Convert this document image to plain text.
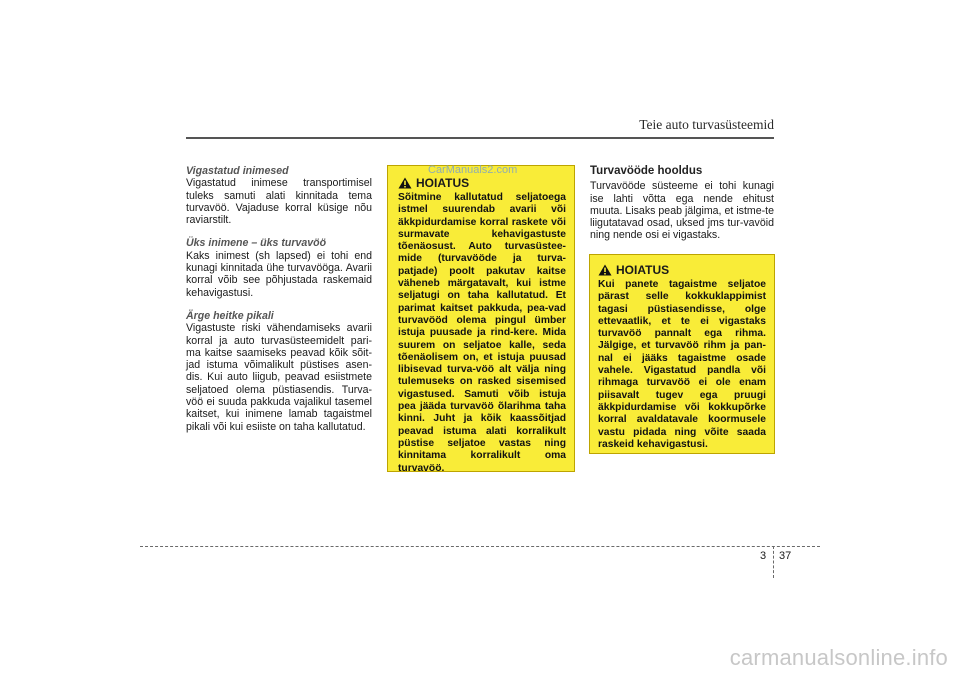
Teie auto turvasüsteemid

Vigastatud inimesed

Vigastatud inimese transportimisel tuleks samuti alati kinnitada tema turvavöö. Vajaduse korral küsige nõu raviarstilt.

Üks inimene – üks turvavöö

Kaks inimest (sh lapsed) ei tohi end kunagi kinnitada ühe turvavööga. Avarii korral võib see põhjustada raskemaid kehavigastusi.

Ärge heitke pikali

Vigastuste riski vähendamiseks avarii korral ja auto turvasüsteemidelt pari-ma kaitse saamiseks peavad kõik sõit-jad istuma võimalikult püstises asen-dis. Kui auto liigub, peavad esiistmete seljatoed olema püstiasendis. Turva-vöö ei suuda pakkuda vajalikul tasemel kaitset, kui inimene lamab tagaistmel pikali või kui esiiste on taha kallutatud.

HOIATUS
Sõitmine kallutatud seljatoega istmel suurendab avarii või äkkpidurdamise korral raskete või surmavate kehavigastuste tõenäosust. Auto turvasüstee-mide (turvavööde ja turva-patjade) poolt pakutav kaitse väheneb märgatavalt, kui istme seljatugi on taha kallutatud. Et parimat kaitset pakkuda, pea-vad turvavööd olema pingul ümber istuja puusade ja rind-kere. Mida suurem on seljatoe kalle, seda tõenäolisem on, et istuja puusad libisevad turva-vöö alt välja ning tulemuseks on rasked sisemised vigastused. Samuti võib istuja pea jääda turvavöö õlarihma taha kinni. Juht ja kõik kaassõitjad peavad istuma alati korralikult püstise seljatoe vastas ning kinnitama korralikult oma turvavöö.
CarManuals2.com	Turvavööde hooldus

Turvavööde süsteeme ei tohi kunagi ise lahti võtta ega nende ehitust muuta. Lisaks peab jälgima, et istme-te liigutatavad osad, uksed jms tur-vavöid ning nende osi ei vigastaks.

HOIATUS
Kui panete tagaistme seljatoe pärast selle kokkuklappimist tagasi püstiasendisse, olge ettevaatlik, et te ei vigastaks turvavöö pannalt ega rihma. Jälgige, et turvavöö rihm ja pan-nal ei jääks tagaistme osade vahele. Vigastatud pandla või rihmaga turvavöö ei ole enam piisavalt tugev ega pruugi äkkpidurdamise või kokkupõrke korral avaldatavale koormusele vastu pidada ning võite saada raskeid kehavigastusi.
3 37
carmanualsonline.info
